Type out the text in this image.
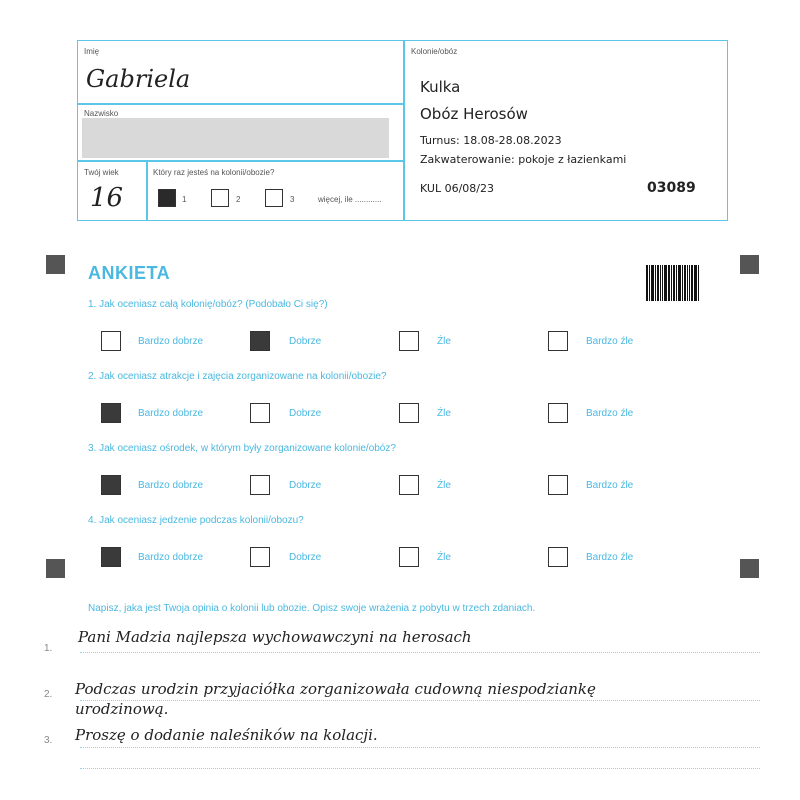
Imię
Gabriela
Nazwisko
Twój wiek
16
Który raz jesteś na kolonii/obozie?
1	2	3	więcej, ile ............
Kolonie/obóz
Kulka
Obóz Herosów
Turnus: 18.08-28.08.2023
Zakwaterowanie: pokoje z łazienkami
KUL 06/08/23	03089
ANKIETA
1. Jak oceniasz całą kolonię/obóz? (Podobało Ci się?)
Bardzo dobrze	Dobrze	Źle	Bardzo źle
2. Jak oceniasz atrakcje i zajęcia zorganizowane na kolonii/obozie?
Bardzo dobrze	Dobrze	Źle	Bardzo źle
3. Jak oceniasz ośrodek, w którym były zorganizowane kolonie/obóz?
Bardzo dobrze	Dobrze	Źle	Bardzo źle
4. Jak oceniasz jedzenie podczas kolonii/obozu?
Bardzo dobrze	Dobrze	Źle	Bardzo źle
Napisz, jaka jest Twoja opinia o kolonii lub obozie. Opisz swoje wrażenia z pobytu w trzech zdaniach.
1.
Pani Madzia najlepsza wychowawczyni na herosach
2. Podczas urodzin przyjaciółka zorganizowała cudowną niespodziankę
urodzinową.
3. Proszę o dodanie naleśników na kolacji.
